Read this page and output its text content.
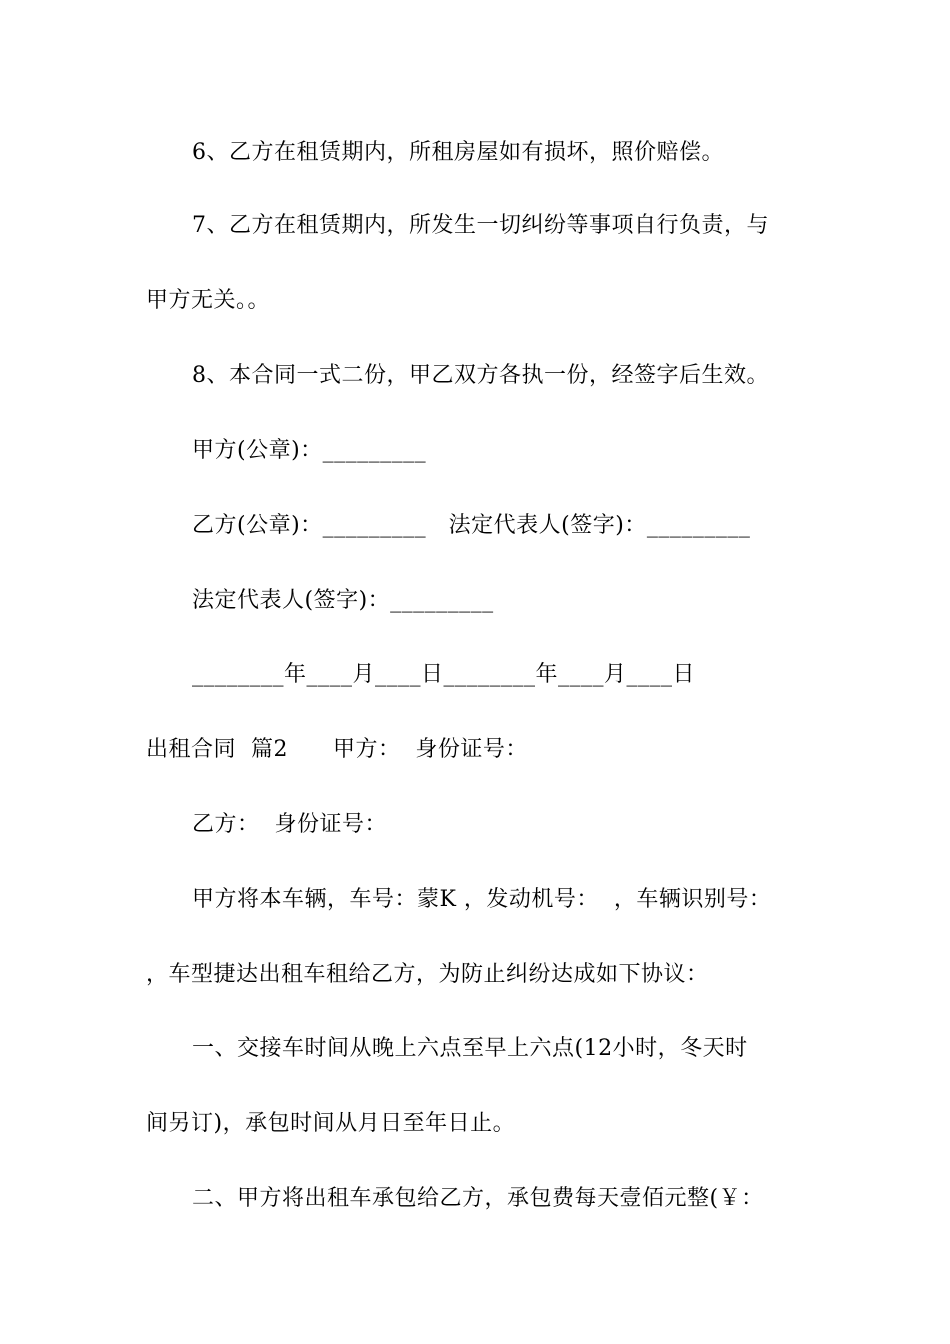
6、乙方在租赁期内，所租房屋如有损坏，照价赔偿。
7、乙方在租赁期内，所发生一切纠纷等事项自行负责，与
甲方无关。。
8、本合同一式二份，甲乙双方各执一份，经签字后生效。
甲方(公章)：_________
乙方(公章)：_________   法定代表人(签字)：_________
法定代表人(签字)：_________
________年____月____日________年____月____日
出租合同  篇2      甲方：  身份证号：
乙方：  身份证号：
甲方将本车辆，车号：蒙K ，发动机号：  ，车辆识别号：
，车型捷达出租车租给乙方，为防止纠纷达成如下协议：
一、交接车时间从晚上六点至早上六点(12小时，冬天时
间另订)，承包时间从月日至年日止。
二、甲方将出租车承包给乙方，承包费每天壹佰元整(￥：
